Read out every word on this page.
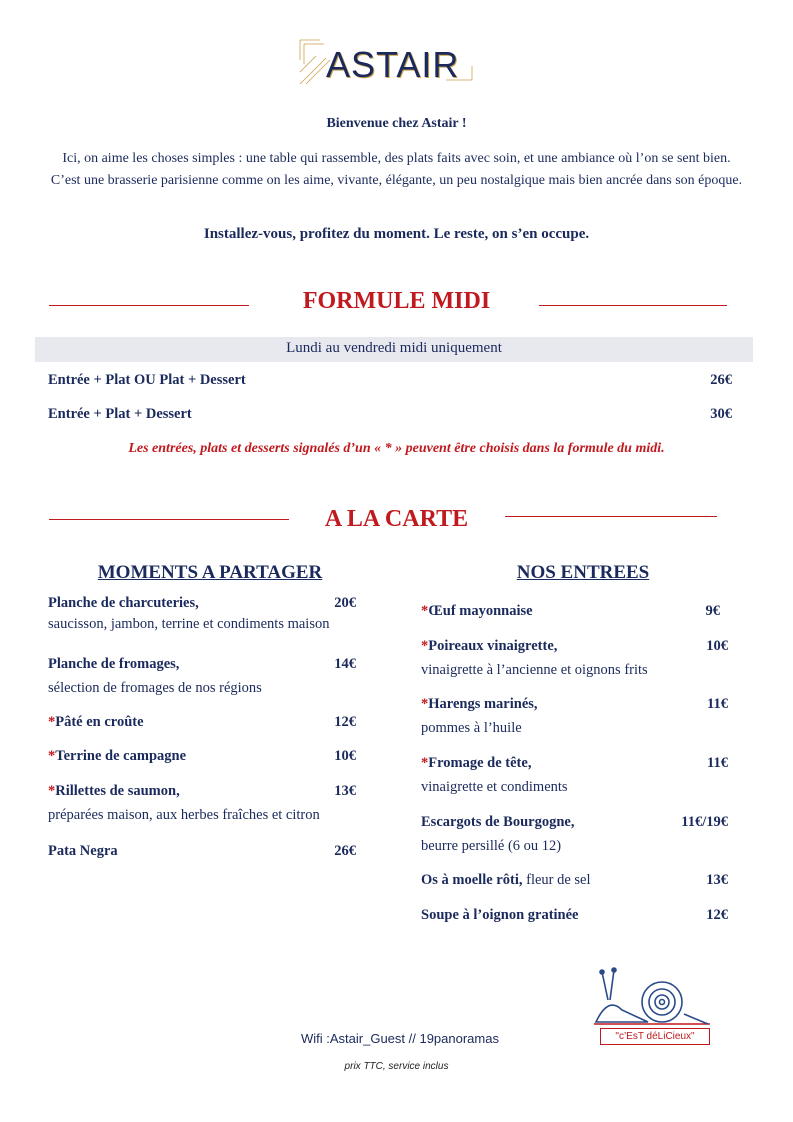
ASTAIR
Bienvenue chez Astair !
Ici, on aime les choses simples : une table qui rassemble, des plats faits avec soin, et une ambiance où l’on se sent bien. C’est une brasserie parisienne comme on les aime, vivante, élégante, un peu nostalgique mais bien ancrée dans son époque.
Installez-vous, profitez du moment. Le reste, on s’en occupe.
FORMULE MIDI
Lundi au vendredi midi uniquement
Entrée + Plat OU Plat + Dessert	26€
Entrée + Plat + Dessert	30€
Les entrées, plats et desserts signalés d’un « * » peuvent être choisis dans la formule du midi.
A LA CARTE
MOMENTS A PARTAGER	NOS ENTREES
Planche de charcuteries,	20€
saucisson, jambon, terrine et condiments maison
Planche de fromages,	14€
sélection de fromages de nos régions
*Pâté en croûte	12€
*Terrine de campagne	10€
*Rillettes de saumon,	13€
préparées maison, aux herbes fraîches et citron
Pata Negra	26€
*Œuf mayonnaise	9€
*Poireaux vinaigrette,	10€
vinaigrette à l’ancienne et oignons frits
*Harengs marinés,	11€
pommes à l’huile
*Fromage de tête,	11€
vinaigrette et condiments
Escargots de Bourgogne,	11€/19€
beurre persillé (6 ou 12)
Os à moelle rôti, fleur de sel	13€
Soupe à l’oignon gratinée	12€
"c’EsT déLiCieux"
Wifi :Astair_Guest // 19panoramas
prix TTC, service inclus
